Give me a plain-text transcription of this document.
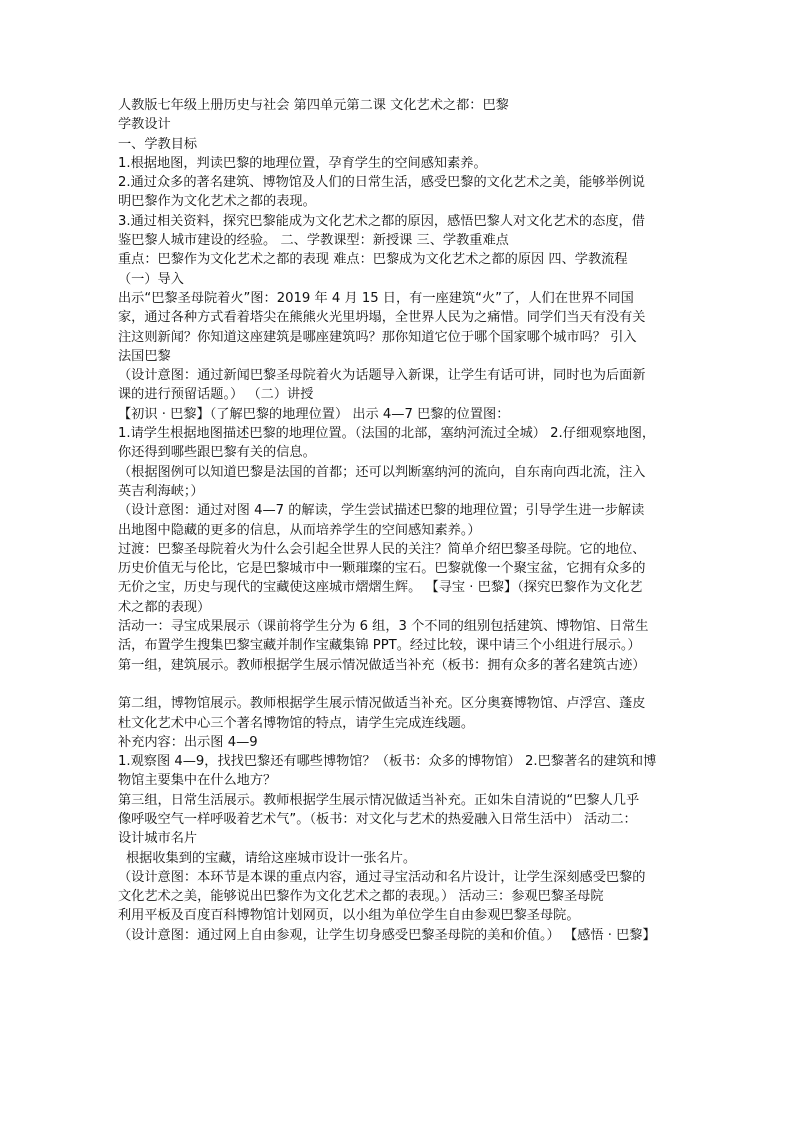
人教版七年级上册历史与社会 第四单元第二课 文化艺术之都：巴黎
学教设计
一、学教目标
1.根据地图，判读巴黎的地理位置，孕育学生的空间感知素养。
2.通过众多的著名建筑、博物馆及人们的日常生活，感受巴黎的文化艺术之美，能够举例说
明巴黎作为文化艺术之都的表现。
3.通过相关资料，探究巴黎能成为文化艺术之都的原因，感悟巴黎人对文化艺术的态度，借
鉴巴黎人城市建设的经验。 二、学教课型：新授课 三、学教重难点
重点：巴黎作为文化艺术之都的表现 难点：巴黎成为文化艺术之都的原因 四、学教流程
（一）导入
出示“巴黎圣母院着火”图：2019 年 4 月 15 日，有一座建筑“火”了，人们在世界不同国
家，通过各种方式看着塔尖在熊熊火光里坍塌，全世界人民为之痛惜。同学们当天有没有关
注这则新闻？你知道这座建筑是哪座建筑吗？那你知道它位于哪个国家哪个城市吗？ 引入
法国巴黎
（设计意图：通过新闻巴黎圣母院着火为话题导入新课，让学生有话可讲，同时也为后面新
课的进行预留话题。） （二）讲授
【初识 · 巴黎】（了解巴黎的地理位置） 出示 4—7 巴黎的位置图：
1.请学生根据地图描述巴黎的地理位置。（法国的北部，塞纳河流过全城） 2.仔细观察地图，
你还得到哪些跟巴黎有关的信息。
（根据图例可以知道巴黎是法国的首都；还可以判断塞纳河的流向，自东南向西北流，注入
英吉利海峡；）
（设计意图：通过对图 4—7 的解读，学生尝试描述巴黎的地理位置；引导学生进一步解读
出地图中隐藏的更多的信息，从而培养学生的空间感知素养。）
过渡：巴黎圣母院着火为什么会引起全世界人民的关注？简单介绍巴黎圣母院。它的地位、
历史价值无与伦比，它是巴黎城市中一颗璀璨的宝石。巴黎就像一个聚宝盆，它拥有众多的
无价之宝，历史与现代的宝藏使这座城市熠熠生辉。 【寻宝 · 巴黎】（探究巴黎作为文化艺
术之都的表现）
活动一：寻宝成果展示（课前将学生分为 6 组，3 个不同的组别包括建筑、博物馆、日常生
活，布置学生搜集巴黎宝藏并制作宝藏集锦 PPT。经过比较，课中请三个小组进行展示。）
第一组，建筑展示。教师根据学生展示情况做适当补充（板书：拥有众多的著名建筑古迹）
第二组，博物馆展示。教师根据学生展示情况做适当补充。区分奥赛博物馆、卢浮宫、蓬皮
杜文化艺术中心三个著名博物馆的特点，请学生完成连线题。
补充内容：出示图 4—9
1.观察图 4—9，找找巴黎还有哪些博物馆？（板书：众多的博物馆） 2.巴黎著名的建筑和博
物馆主要集中在什么地方？
第三组，日常生活展示。教师根据学生展示情况做适当补充。正如朱自清说的“巴黎人几乎
像呼吸空气一样呼吸着艺术气”。（板书：对文化与艺术的热爱融入日常生活中） 活动二：
设计城市名片
根据收集到的宝藏，请给这座城市设计一张名片。
（设计意图：本环节是本课的重点内容，通过寻宝活动和名片设计，让学生深刻感受巴黎的
文化艺术之美，能够说出巴黎作为文化艺术之都的表现。） 活动三：参观巴黎圣母院
利用平板及百度百科博物馆计划网页，以小组为单位学生自由参观巴黎圣母院。
（设计意图：通过网上自由参观，让学生切身感受巴黎圣母院的美和价值。） 【感悟 · 巴黎】
